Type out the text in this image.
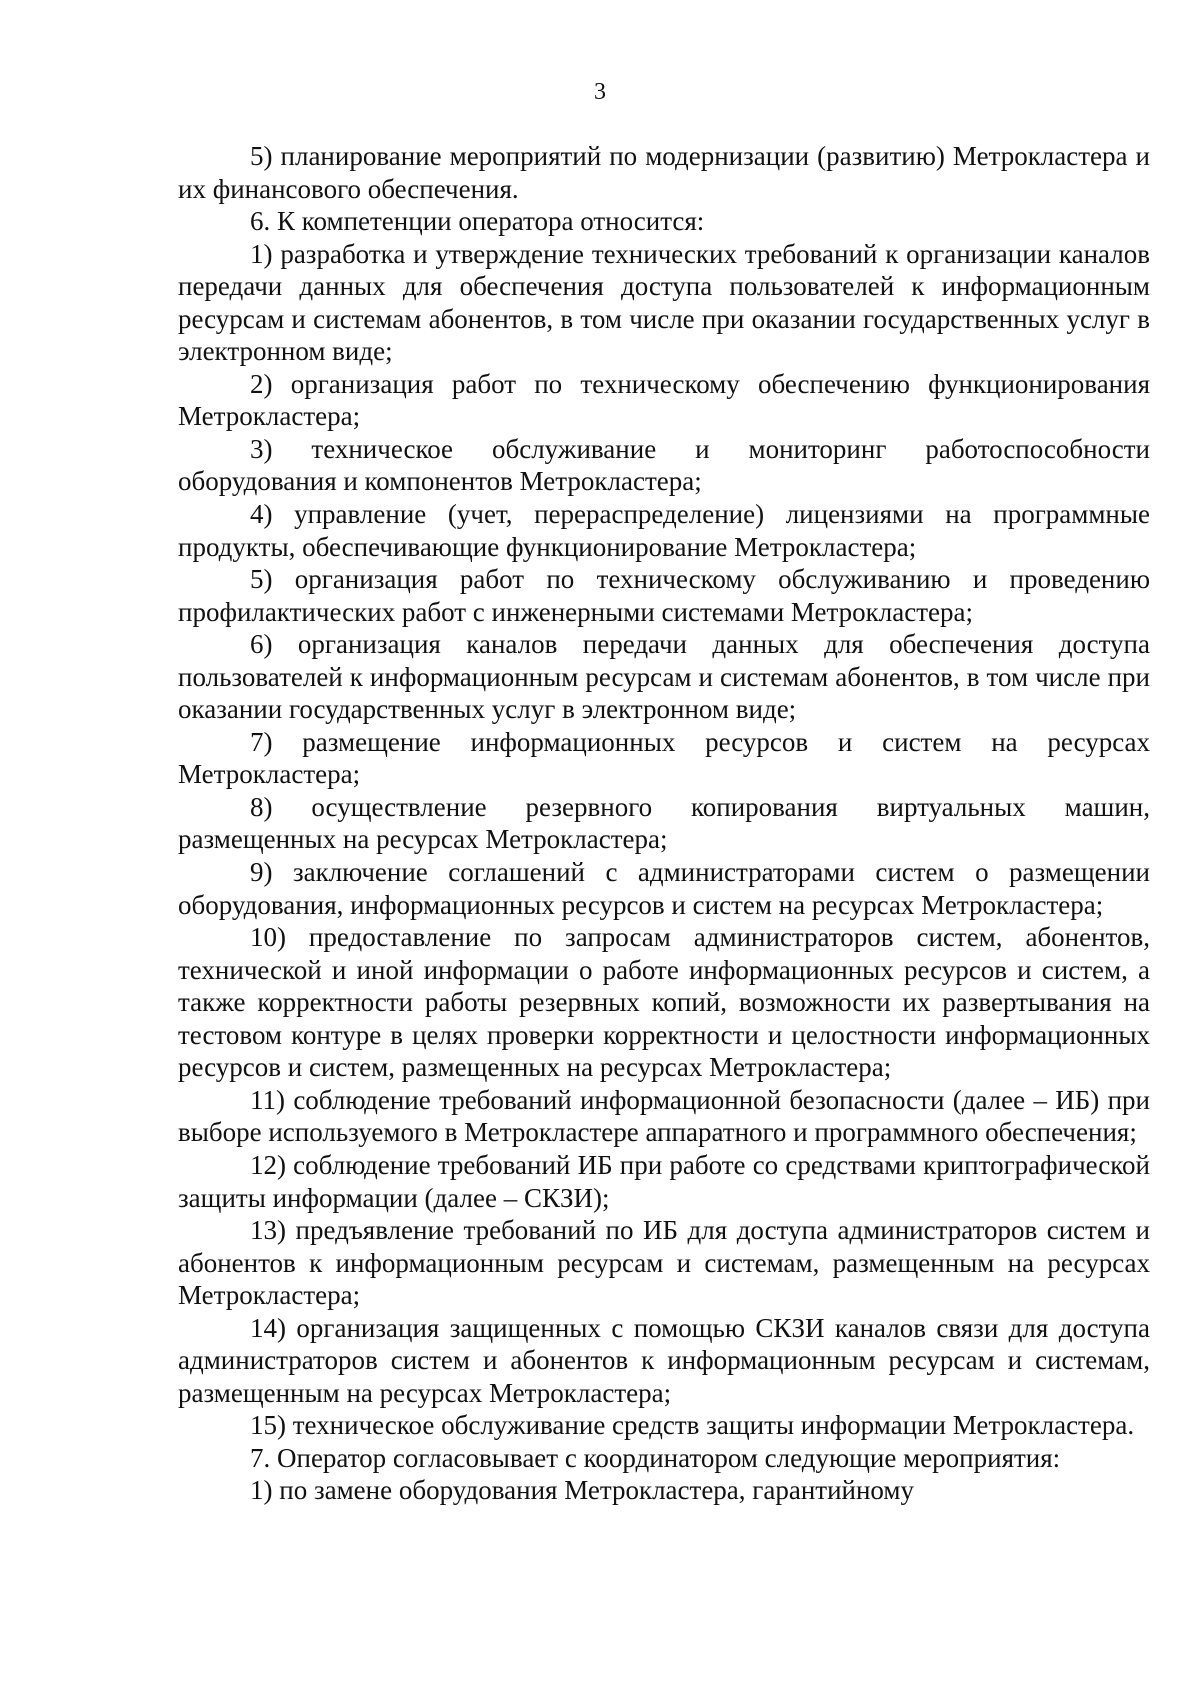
3

5) планирование мероприятий по модернизации (развитию) Метрокластера и их финансового обеспечения.

6. К компетенции оператора относится:

1) разработка и утверждение технических требований к организации каналов передачи данных для обеспечения доступа пользователей к информационным ресурсам и системам абонентов, в том числе при оказании государственных услуг в электронном виде;

2) организация работ по техническому обеспечению функционирования Метрокластера;

3) техническое обслуживание и мониторинг работоспособности оборудования и компонентов Метрокластера;

4) управление (учет, перераспределение) лицензиями на программные продукты, обеспечивающие функционирование Метрокластера;

5) организация работ по техническому обслуживанию и проведению профилактических работ с инженерными системами Метрокластера;

6) организация каналов передачи данных для обеспечения доступа пользователей к информационным ресурсам и системам абонентов, в том числе при оказании государственных услуг в электронном виде;

7) размещение информационных ресурсов и систем на ресурсах Метрокластера;

8) осуществление резервного копирования виртуальных машин, размещенных на ресурсах Метрокластера;

9) заключение соглашений с администраторами систем о размещении оборудования, информационных ресурсов и систем на ресурсах Метрокластера;

10) предоставление по запросам администраторов систем, абонентов, технической и иной информации о работе информационных ресурсов и систем, а также корректности работы резервных копий, возможности их развертывания на тестовом контуре в целях проверки корректности и целостности информационных ресурсов и систем, размещенных на ресурсах Метрокластера;

11) соблюдение требований информационной безопасности (далее – ИБ) при выборе используемого в Метрокластере аппаратного и программного обеспечения;

12) соблюдение требований ИБ при работе со средствами криптографической защиты информации (далее – СКЗИ);

13) предъявление требований по ИБ для доступа администраторов систем и абонентов к информационным ресурсам и системам, размещенным на ресурсах Метрокластера;

14) организация защищенных с помощью СКЗИ каналов связи для доступа администраторов систем и абонентов к информационным ресурсам и системам, размещенным на ресурсах Метрокластера;

15) техническое обслуживание средств защиты информации Метрокластера.

7. Оператор согласовывает с координатором следующие мероприятия:

1) по замене оборудования Метрокластера, гарантийному
